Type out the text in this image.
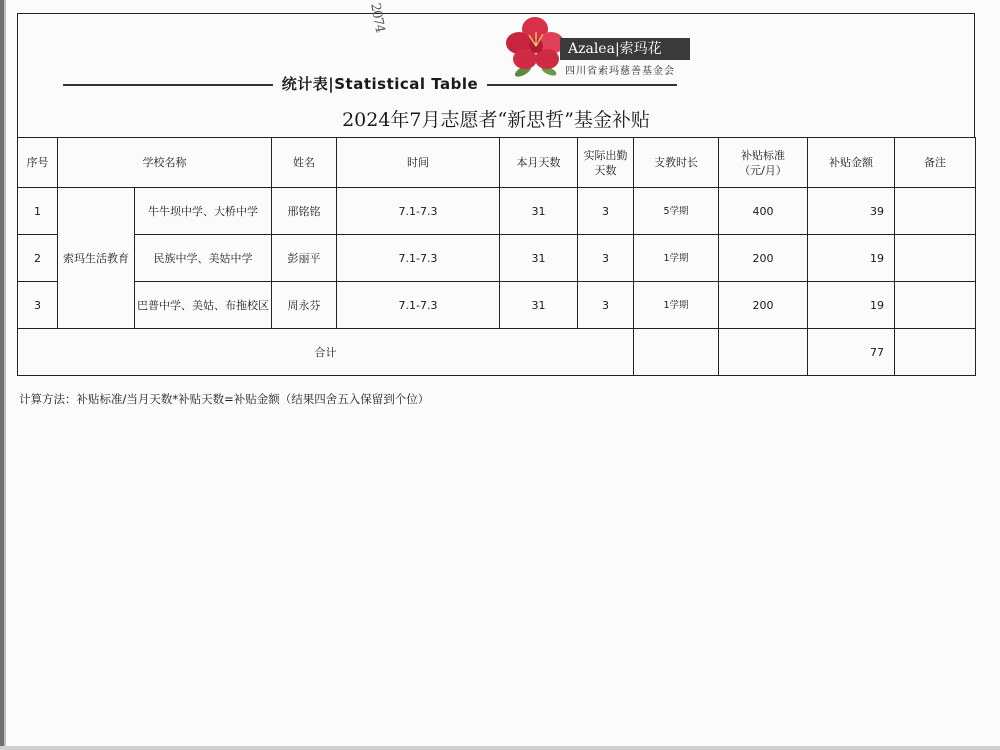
2074
Azalea|索玛花
四川省索玛慈善基金会
统计表|Statistical Table
2024年7月志愿者“新思哲”基金补贴
序号	学校名称		姓名	时间	本月天数	实际出勤
天数	支教时长	补贴标准
（元/月）	补贴金额	备注
1	索玛生活教育	牛牛坝中学、大桥中学	邢铭铭	7.1-7.3	31	3	5学期	400	39	
2		民族中学、美姑中学	彭丽平	7.1-7.3	31	3	1学期	200	19	
3		巴普中学、美姑、布拖校区	周永芬	7.1-7.3	31	3	1学期	200	19	
合计									77	
计算方法：补贴标准/当月天数*补贴天数=补贴金额（结果四舍五入保留到个位）
